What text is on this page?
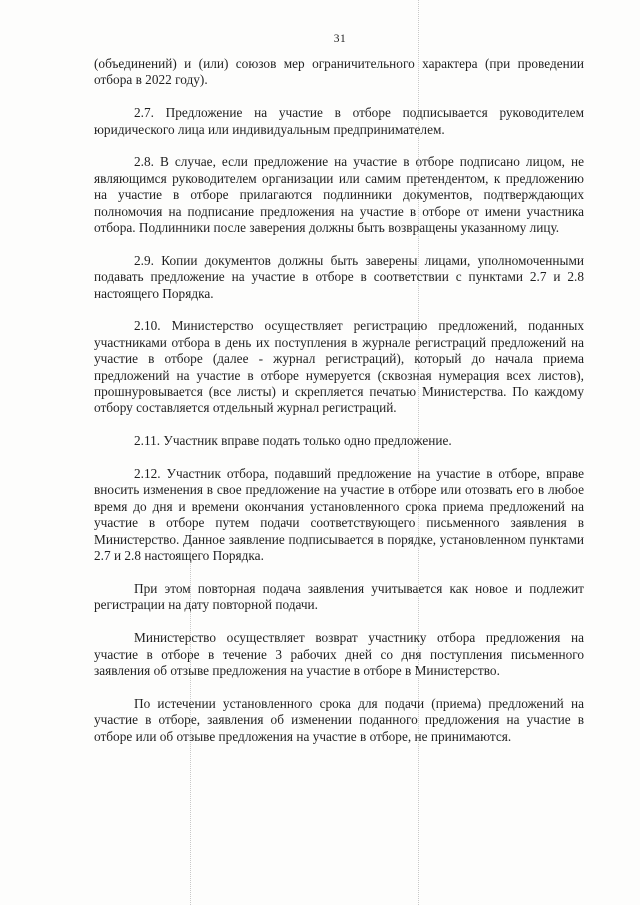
31

(объединений) и (или) союзов мер ограничительного характера (при проведении отбора в 2022 году).

2.7. Предложение на участие в отборе подписывается руководителем юридического лица или индивидуальным предпринимателем.

2.8. В случае, если предложение на участие в отборе подписано лицом, не являющимся руководителем организации или самим претендентом, к предложению на участие в отборе прилагаются подлинники документов, подтверждающих полномочия на подписание предложения на участие в отборе от имени участника отбора. Подлинники после заверения должны быть возвращены указанному лицу.

2.9. Копии документов должны быть заверены лицами, уполномоченными подавать предложение на участие в отборе в соответствии с пунктами 2.7 и 2.8 настоящего Порядка.

2.10. Министерство осуществляет регистрацию предложений, поданных участниками отбора в день их поступления в журнале регистраций предложений на участие в отборе (далее - журнал регистраций), который до начала приема предложений на участие в отборе нумеруется (сквозная нумерация всех листов), прошнуровывается (все листы) и скрепляется печатью Министерства. По каждому отбору составляется отдельный журнал регистраций.

2.11. Участник вправе подать только одно предложение.

2.12. Участник отбора, подавший предложение на участие в отборе, вправе вносить изменения в свое предложение на участие в отборе или отозвать его в любое время до дня и времени окончания установленного срока приема предложений на участие в отборе путем подачи соответствующего письменного заявления в Министерство. Данное заявление подписывается в порядке, установленном пунктами 2.7 и 2.8 настоящего Порядка.

При этом повторная подача заявления учитывается как новое и подлежит регистрации на дату повторной подачи.

Министерство осуществляет возврат участнику отбора предложения на участие в отборе в течение 3 рабочих дней со дня поступления письменного заявления об отзыве предложения на участие в отборе в Министерство.

По истечении установленного срока для подачи (приема) предложений на участие в отборе, заявления об изменении поданного предложения на участие в отборе или об отзыве предложения на участие в отборе, не принимаются.
